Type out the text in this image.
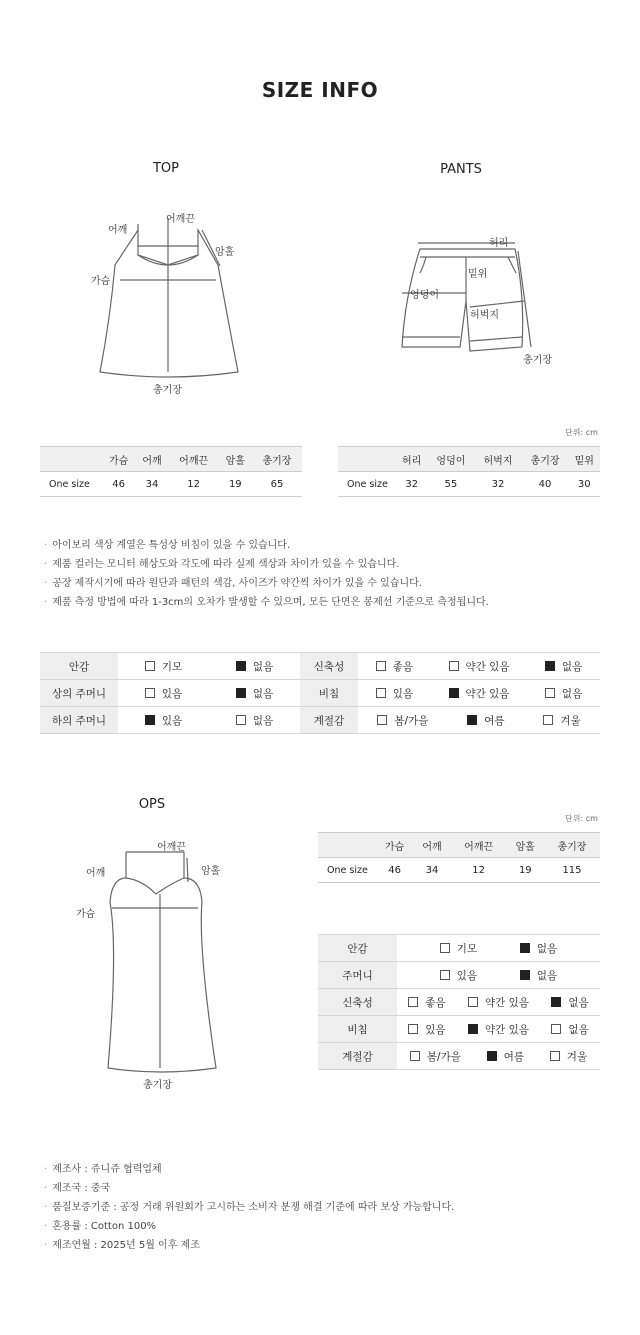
SIZE INFO
TOP	PANTS
어깨
어깨끈
암홀
가슴
총기장
허리
밑위
엉덩이
허벅지
총기장
단위: cm
	가슴	어깨	어깨끈	암홀	총기장
One size	46	34	12	19	65
	허리	엉덩이	허벅지	총기장	밑위
One size	32	55	32	40	30
· 아이보리 색상 계열은 특성상 비침이 있을 수 있습니다.
· 제품 컬러는 모니터 해상도와 각도에 따라 실제 색상과 차이가 있을 수 있습니다.
· 공장 제작시기에 따라 원단과 패턴의 색감, 사이즈가 약간씩 차이가 있을 수 있습니다.
· 제품 측정 방법에 따라 1-3cm의 오차가 발생할 수 있으며, 모든 단면은 봉제선 기준으로 측정됩니다.
안감	기모 없음	신축성	좋음 약간 있음 없음

상의 주머니	있음 없음	비침	있음 약간 있음 없음

하의 주머니	있음 없음	계절감	봄/가을 여름 겨울
OPS
어깨끈
어깨	암홀
가슴
총기장
단위: cm
	가슴	어깨	어깨끈	암홀	총기장
One size	46	34	12	19	115
안감	기모 없음

주머니	있음 없음

신축성	좋음 약간 있음 없음

비침	있음 약간 있음 없음

계절감	봄/가을 여름 겨울
· 제조사 : 쥬니쥬 협력업체
· 제조국 : 중국
· 품질보증기준 : 공정 거래 위원회가 고시하는 소비자 분쟁 해결 기준에 따라 보상 가능합니다.
· 혼용률 : Cotton 100%
· 제조연월 : 2025년 5월 이후 제조
